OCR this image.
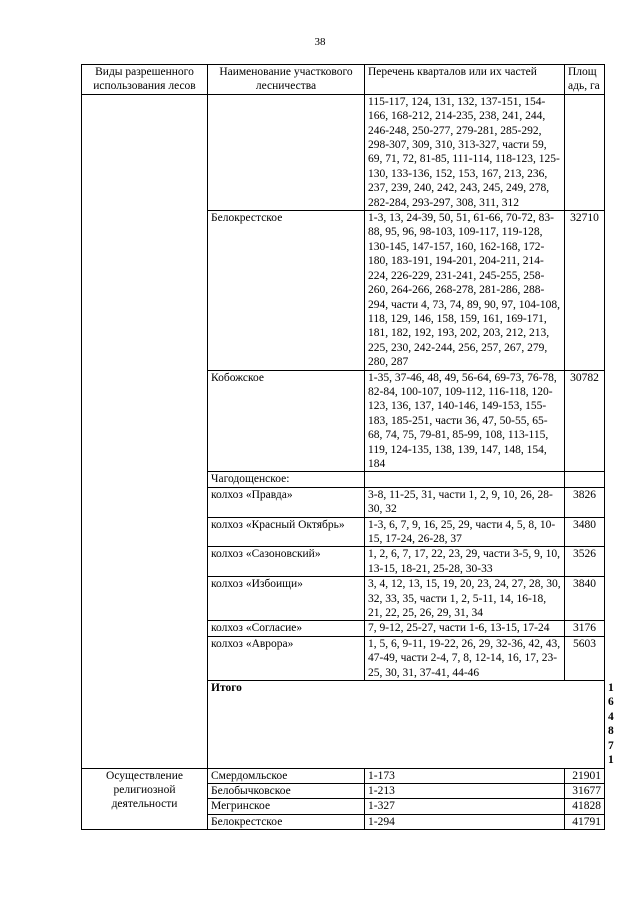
38
Виды разрешенного использования лесов	Наименование участкового лесничества	Перечень кварталов или их частей	Площадь, га	
		115-117, 124, 131, 132, 137-151, 154-166, 168-212, 214-235, 238, 241, 244, 246-248, 250-277, 279-281, 285-292, 298-307, 309, 310, 313-327, части 59, 69, 71, 72, 81-85, 111-114, 118-123, 125-130, 133-136, 152, 153, 167, 213, 236, 237, 239, 240, 242, 243, 245, 249, 278, 282-284, 293-297, 308, 311, 312		
	Белокрестское	1-3, 13, 24-39, 50, 51, 61-66, 70-72, 83-88, 95, 96, 98-103, 109-117, 119-128, 130-145, 147-157, 160, 162-168, 172-180, 183-191, 194-201, 204-211, 214-224, 226-229, 231-241, 245-255, 258-260, 264-266, 268-278, 281-286, 288-294, части 4, 73, 74, 89, 90, 97, 104-108, 118, 129, 146, 158, 159, 161, 169-171, 181, 182, 192, 193, 202, 203, 212, 213, 225, 230, 242-244, 256, 257, 267, 279, 280, 287	32710	
	Кобожское	1-35, 37-46, 48, 49, 56-64, 69-73, 76-78, 82-84, 100-107, 109-112, 116-118, 120-123, 136, 137, 140-146, 149-153, 155-183, 185-251, части 36, 47, 50-55, 65-68, 74, 75, 79-81, 85-99, 108, 113-115, 119, 124-135, 138, 139, 147, 148, 154, 184	30782	
	Чагодощенское:			
	колхоз «Правда»	3-8, 11-25, 31, части 1, 2, 9, 10, 26, 28-30, 32	3826	
	колхоз «Красный Октябрь»	1-3, 6, 7, 9, 16, 25, 29, части 4, 5, 8, 10-15, 17-24, 26-28, 37	3480	
	колхоз «Сазоновский»	1, 2, 6, 7, 17, 22, 23, 29, части 3-5, 9, 10, 13-15, 18-21, 25-28, 30-33	3526	
	колхоз «Избоищи»	3, 4, 12, 13, 15, 19, 20, 23, 24, 27, 28, 30, 32, 33, 35, части 1, 2, 5-11, 14, 16-18, 21, 22, 25, 26, 29, 31, 34	3840	
	колхоз «Согласие»	7, 9-12, 25-27, части 1-6, 13-15, 17-24	3176	
	колхоз «Аврора»	1, 5, 6, 9-11, 19-22, 26, 29, 32-36, 42, 43, 47-49, части 2-4, 7, 8, 12-14, 16, 17, 23-25, 30, 31, 37-41, 44-46	5603	
	Итого			164871
Осуществление религиозной деятельности	Смердомльское	1-173	21901	
	Белобычковское	1-213	31677	
	Мегринское	1-327	41828	
	Белокрестское	1-294	41791	
